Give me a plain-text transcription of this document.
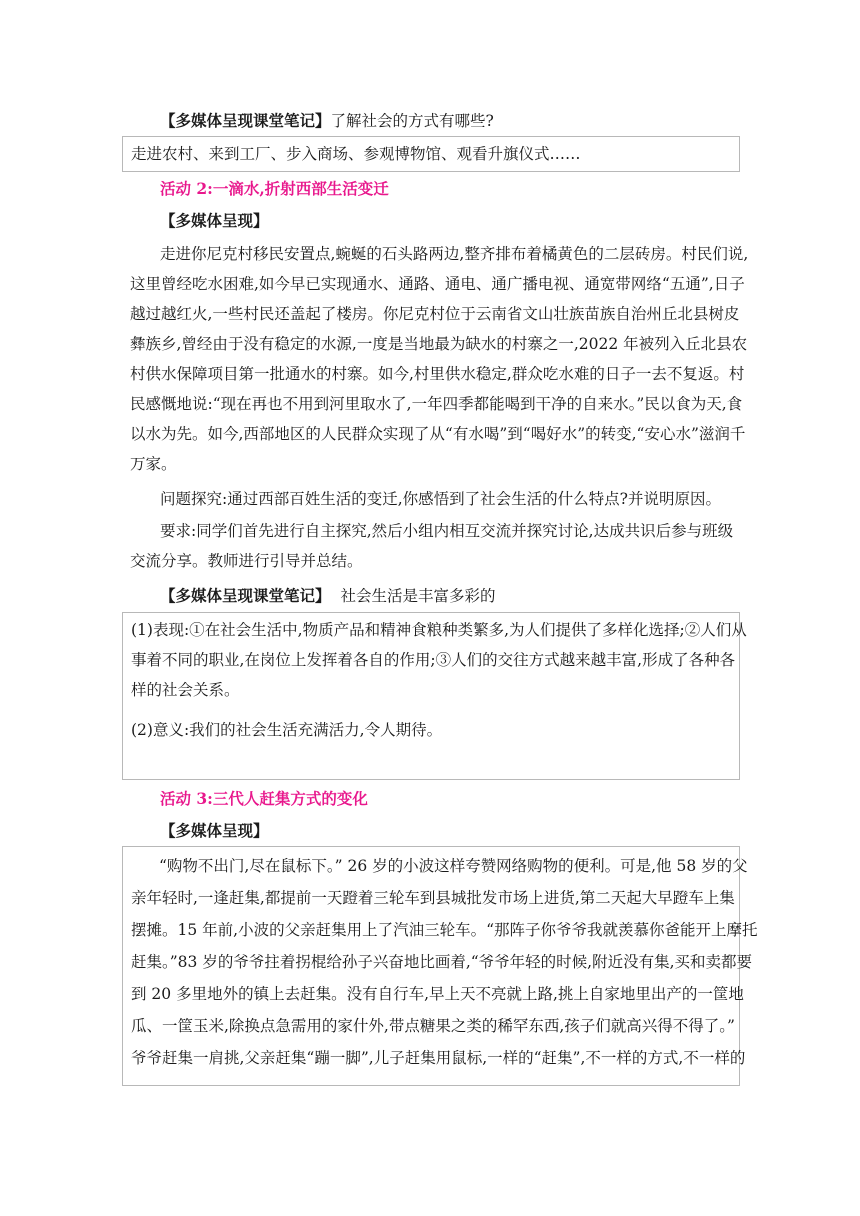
【多媒体呈现课堂笔记】了解社会的方式有哪些?
走进农村、来到工厂、步入商场、参观博物馆、观看升旗仪式……
活动 2:一滴水,折射西部生活变迁
【多媒体呈现】
走进你尼克村移民安置点,蜿蜒的石头路两边,整齐排布着橘黄色的二层砖房。村民们说,
这里曾经吃水困难,如今早已实现通水、通路、通电、通广播电视、通宽带网络“五通”,日子
越过越红火,一些村民还盖起了楼房。你尼克村位于云南省文山壮族苗族自治州丘北县树皮
彝族乡,曾经由于没有稳定的水源,一度是当地最为缺水的村寨之一,2022 年被列入丘北县农
村供水保障项目第一批通水的村寨。如今,村里供水稳定,群众吃水难的日子一去不复返。村
民感慨地说:“现在再也不用到河里取水了,一年四季都能喝到干净的自来水。”民以食为天,食
以水为先。如今,西部地区的人民群众实现了从“有水喝”到“喝好水”的转变,“安心水”滋润千
万家。
问题探究:通过西部百姓生活的变迁,你感悟到了社会生活的什么特点?并说明原因。
要求:同学们首先进行自主探究,然后小组内相互交流并探究讨论,达成共识后参与班级
交流分享。教师进行引导并总结。
【多媒体呈现课堂笔记】 社会生活是丰富多彩的
(1)表现:①在社会生活中,物质产品和精神食粮种类繁多,为人们提供了多样化选择;②人们从
事着不同的职业,在岗位上发挥着各自的作用;③人们的交往方式越来越丰富,形成了各种各
样的社会关系。
(2)意义:我们的社会生活充满活力,令人期待。
活动 3:三代人赶集方式的变化
【多媒体呈现】
“购物不出门,尽在鼠标下。” 26 岁的小波这样夸赞网络购物的便利。可是,他 58 岁的父
亲年轻时,一逢赶集,都提前一天蹬着三轮车到县城批发市场上进货,第二天起大早蹬车上集
摆摊。15 年前,小波的父亲赶集用上了汽油三轮车。“那阵子你爷爷我就羡慕你爸能开上摩托
赶集。”83 岁的爷爷拄着拐棍给孙子兴奋地比画着,“爷爷年轻的时候,附近没有集,买和卖都要
到 20 多里地外的镇上去赶集。没有自行车,早上天不亮就上路,挑上自家地里出产的一筐地
瓜、一筐玉米,除换点急需用的家什外,带点糖果之类的稀罕东西,孩子们就高兴得不得了。”
爷爷赶集一肩挑,父亲赶集“蹦一脚”,儿子赶集用鼠标,一样的“赶集”,不一样的方式,不一样的
